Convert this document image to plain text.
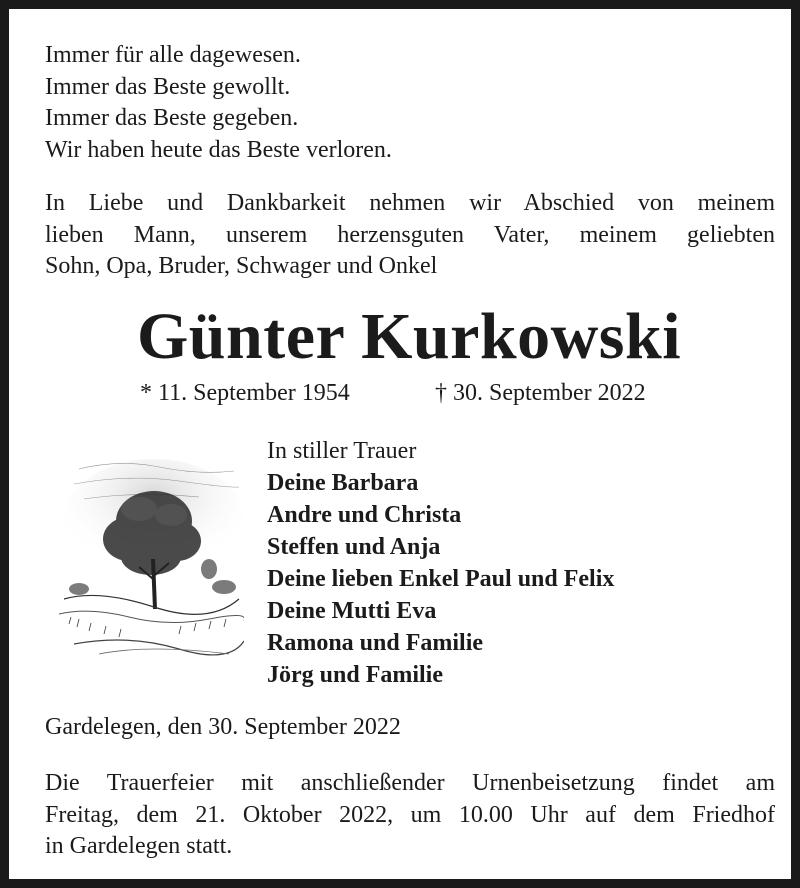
Immer für alle dagewesen.
Immer das Beste gewollt.
Immer das Beste gegeben.
Wir haben heute das Beste verloren.
In Liebe und Dankbarkeit nehmen wir Abschied von meinem
lieben Mann, unserem herzensguten Vater, meinem geliebten
Sohn, Opa, Bruder, Schwager und Onkel
Günter Kurkowski
* 11. September 1954	† 30. September 2022
In stiller Trauer
Deine Barbara
Andre und Christa
Steffen und Anja
Deine lieben Enkel Paul und Felix
Deine Mutti Eva
Ramona und Familie
Jörg und Familie
Gardelegen, den 30. September 2022
Die Trauerfeier mit anschließender Urnenbeisetzung findet am
Freitag, dem 21. Oktober 2022, um 10.00 Uhr auf dem Friedhof
in Gardelegen statt.
